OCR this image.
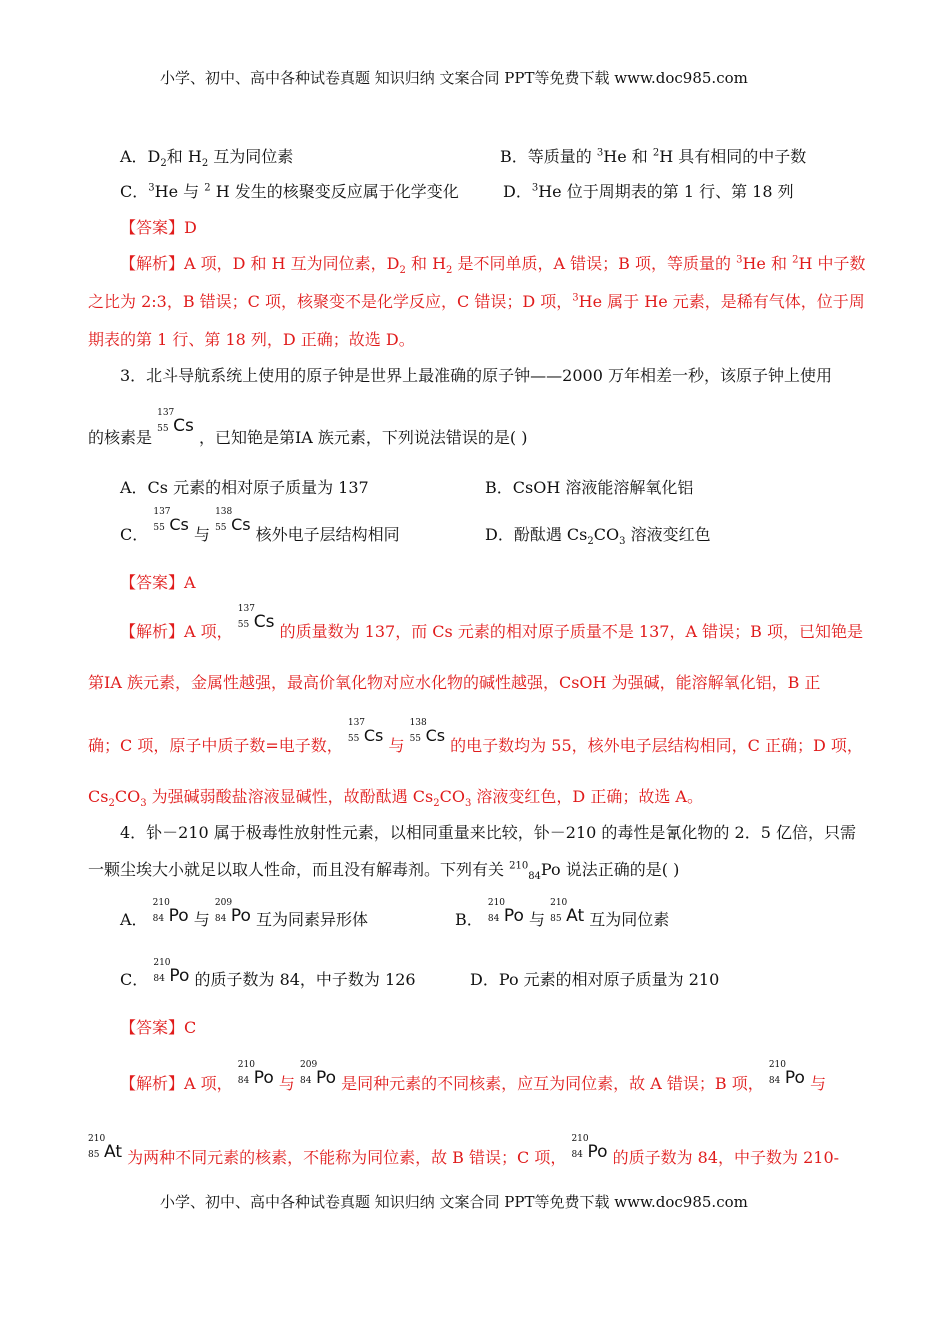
小学、初中、高中各种试卷真题 知识归纳 文案合同 PPT等免费下载 www.doc985.com
A．$D_2$和 $H_2$ 互为同位素	B．等质量的 $^3$He 和 $^2$H 具有相同的中子数
C．$^3$He 与 $^2$ H 发生的核聚变反应属于化学变化	D．$^3$He 位于周期表的第 1 行、第 18 列
【答案】D
【解析】A 项，D 和 H 互为同位素，$D_2$ 和 $H_2$ 是不同单质，A 错误；B 项，等质量的 $^3$He 和 $^2$H 中子数
之比为 2:3，B 错误；C 项，核聚变不是化学反应，C 错误；D 项，$^3$He 属于 He 元素，是稀有气体，位于周
期表的第 1 行、第 18 列，D 正确；故选 D。
3．北斗导航系统上使用的原子钟是世界上最准确的原子钟——2000 万年相差一秒，该原子钟上使用
的核素是
137
55 Cs ，已知铯是第ⅠA 族元素，下列说法错误的是( )
A．Cs 元素的相对原子质量为 137	B．CsOH 溶液能溶解氧化铝
C．
137
55 Cs 与
138
55 Cs 核外电子层结构相同	D．酚酞遇 $Cs_2CO_3$ 溶液变红色
【答案】A
【解析】A 项，
137
55 Cs 的质量数为 137，而 Cs 元素的相对原子质量不是 137，A 错误；B 项，已知铯是
第ⅠA 族元素，金属性越强，最高价氧化物对应水化物的碱性越强，CsOH 为强碱，能溶解氧化铝，B 正
确；C 项，原子中质子数=电子数，
137
55 Cs 与
138
55 Cs 的电子数均为 55，核外电子层结构相同，C 正确；D 项，
$Cs_2CO_3$ 为强碱弱酸盐溶液显碱性，故酚酞遇 $Cs_2CO_3$ 溶液变红色，D 正确；故选 A。
4．钋－210 属于极毒性放射性元素，以相同重量来比较，钋－210 的毒性是氰化物的 2．5 亿倍，只需
一颗尘埃大小就足以取人性命，而且没有解毒剂。下列有关 $^{210}_{84}$Po 说法正确的是( )
A．
210
84 Po 与
209
84 Po 互为同素异形体	B．
210
84 Po 与
210
85 At 互为同位素
C．
210
84 Po 的质子数为 84，中子数为 126	D．Po 元素的相对原子质量为 210
【答案】C
【解析】A 项，
210
84 Po 与
209
84 Po 是同种元素的不同核素，应互为同位素，故 A 错误；B 项，
210
84 Po 与
210
85 At 为两种不同元素的核素，不能称为同位素，故 B 错误；C 项，
210
84 Po 的质子数为 84，中子数为 210-
小学、初中、高中各种试卷真题 知识归纳 文案合同 PPT等免费下载 www.doc985.com
